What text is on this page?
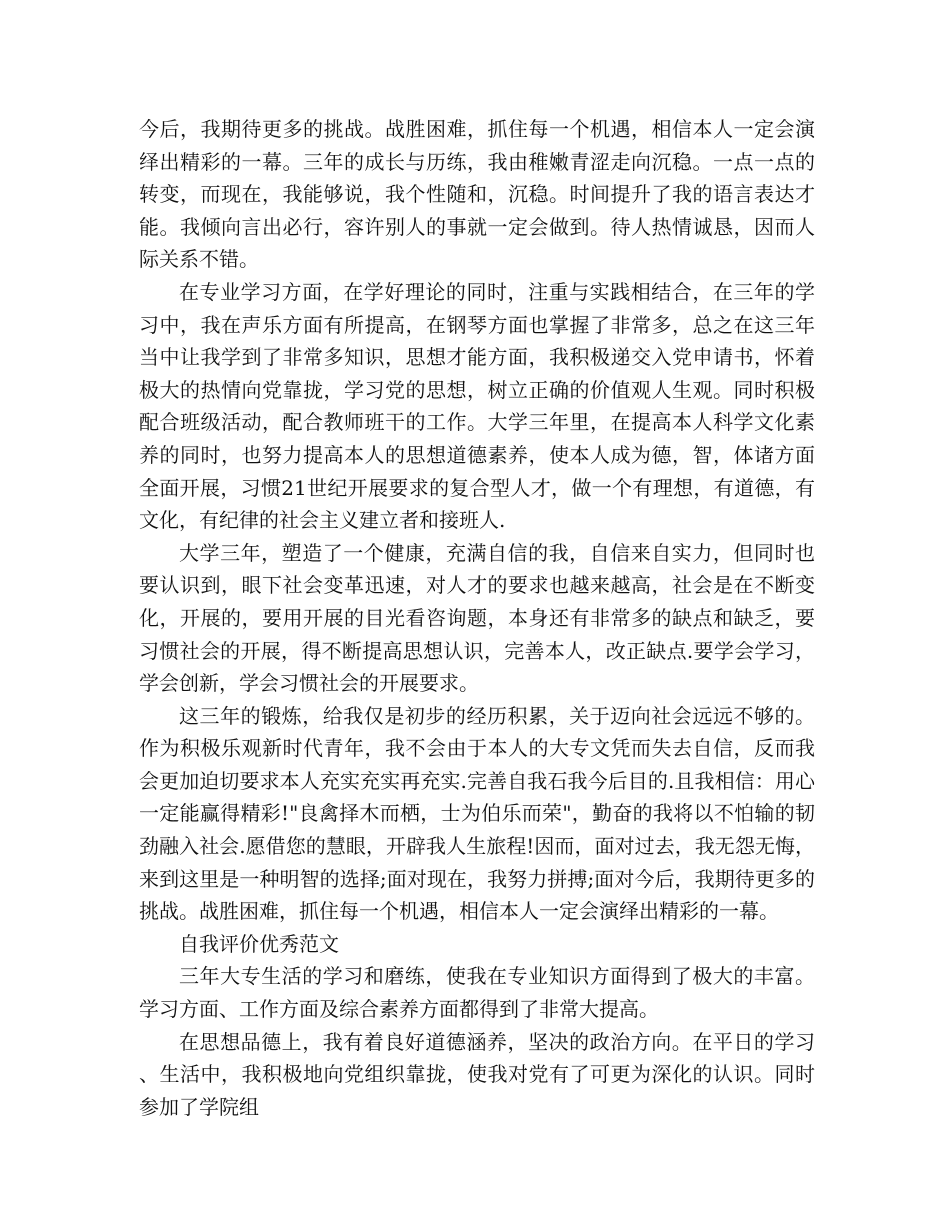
今后，我期待更多的挑战。战胜困难，抓住每一个机遇，相信本人一定会演绎出精彩的一幕。三年的成长与历练，我由稚嫩青涩走向沉稳。一点一点的转变，而现在，我能够说，我个性随和，沉稳。时间提升了我的语言表达才能。我倾向言出必行，容许别人的事就一定会做到。待人热情诚恳，因而人际关系不错。

在专业学习方面，在学好理论的同时，注重与实践相结合，在三年的学习中，我在声乐方面有所提高，在钢琴方面也掌握了非常多，总之在这三年当中让我学到了非常多知识，思想才能方面，我积极递交入党申请书，怀着极大的热情向党靠拢，学习党的思想，树立正确的价值观人生观。同时积极配合班级活动，配合教师班干的工作。大学三年里，在提高本人科学文化素养的同时，也努力提高本人的思想道德素养，使本人成为德，智，体诸方面全面开展，习惯21世纪开展要求的复合型人才，做一个有理想，有道德，有文化，有纪律的社会主义建立者和接班人.

大学三年，塑造了一个健康，充满自信的我，自信来自实力，但同时也要认识到，眼下社会变革迅速，对人才的要求也越来越高，社会是在不断变化，开展的，要用开展的目光看咨询题，本身还有非常多的缺点和缺乏，要习惯社会的开展，得不断提高思想认识，完善本人，改正缺点.要学会学习，学会创新，学会习惯社会的开展要求。

这三年的锻炼，给我仅是初步的经历积累，关于迈向社会远远不够的。作为积极乐观新时代青年，我不会由于本人的大专文凭而失去自信，反而我会更加迫切要求本人充实充实再充实.完善自我石我今后目的.且我相信：用心一定能赢得精彩!"良禽择木而栖，士为伯乐而荣"，勤奋的我将以不怕输的韧劲融入社会.愿借您的慧眼，开辟我人生旅程!因而，面对过去，我无怨无悔，来到这里是一种明智的选择;面对现在，我努力拼搏;面对今后，我期待更多的挑战。战胜困难，抓住每一个机遇，相信本人一定会演绎出精彩的一幕。

自我评价优秀范文

三年大专生活的学习和磨练，使我在专业知识方面得到了极大的丰富。学习方面、工作方面及综合素养方面都得到了非常大提高。

在思想品德上，我有着良好道德涵养，坚决的政治方向。在平日的学习、生活中，我积极地向党组织靠拢，使我对党有了可更为深化的认识。同时参加了学院组
